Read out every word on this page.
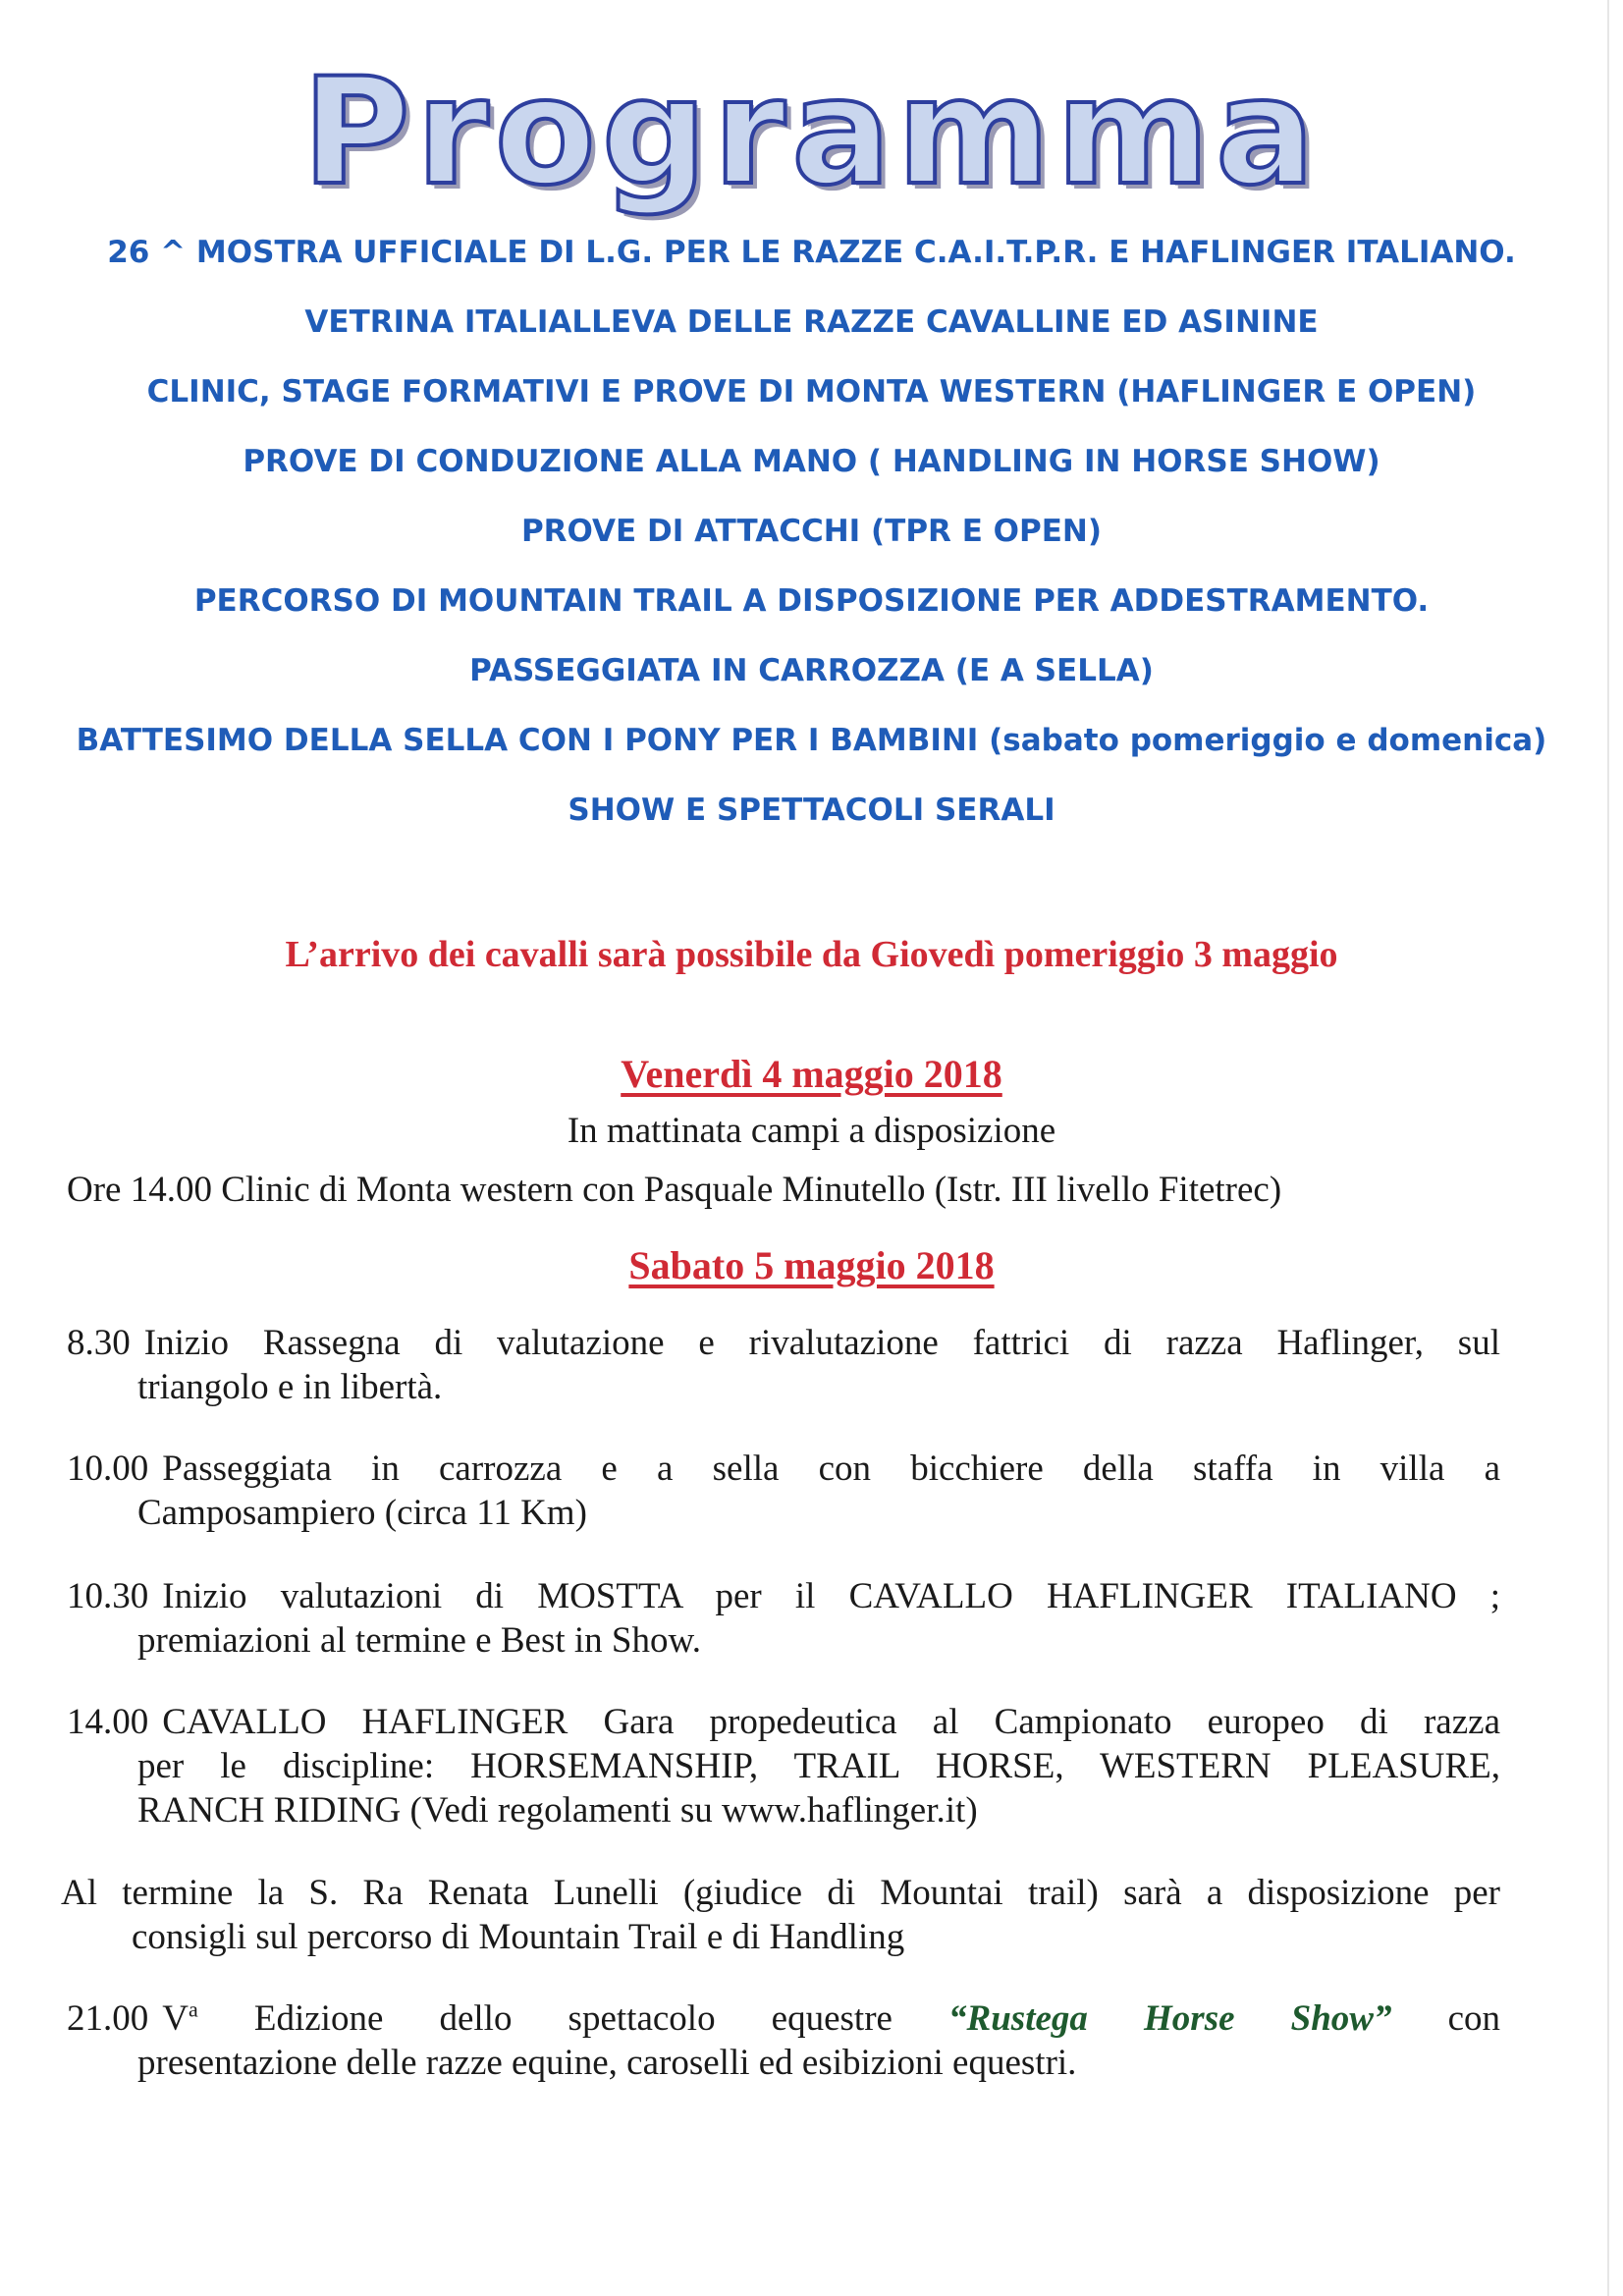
Programma
26 ^ MOSTRA UFFICIALE DI L.G. PER LE RAZZE C.A.I.T.P.R. E HAFLINGER ITALIANO.
VETRINA ITALIALLEVA DELLE RAZZE CAVALLINE ED ASININE
CLINIC, STAGE FORMATIVI E PROVE DI MONTA WESTERN (HAFLINGER E OPEN)
PROVE DI CONDUZIONE ALLA MANO ( HANDLING IN HORSE SHOW)
PROVE DI ATTACCHI (TPR E OPEN)
PERCORSO DI MOUNTAIN TRAIL A DISPOSIZIONE PER ADDESTRAMENTO.
PASSEGGIATA IN CARROZZA (E A SELLA)
BATTESIMO DELLA SELLA CON I PONY PER I BAMBINI (sabato pomeriggio e domenica)
SHOW E SPETTACOLI SERALI
L’arrivo dei cavalli sarà possibile da Giovedì pomeriggio 3 maggio
Venerdì 4 maggio 2018
In mattinata campi a disposizione
Ore 14.00 Clinic di Monta western con Pasquale Minutello (Istr. III livello Fitetrec)
Sabato 5 maggio 2018
8.30 Inizio Rassegna di valutazione e rivalutazione fattrici di razza Haflinger, sul
triangolo e in libertà.
10.00 Passeggiata in carrozza e a sella con bicchiere della staffa in villa a
Camposampiero (circa 11 Km)
10.30 Inizio valutazioni di MOSTTA per il CAVALLO HAFLINGER ITALIANO ;
premiazioni al termine e Best in Show.
14.00 CAVALLO HAFLINGER Gara propedeutica al Campionato europeo di razza
per le discipline: HORSEMANSHIP, TRAIL HORSE, WESTERN PLEASURE,
RANCH RIDING (Vedi regolamenti su www.haflinger.it)
Al termine la S. Ra Renata Lunelli (giudice di Mountai trail) sarà a disposizione per
consigli sul percorso di Mountain Trail e di Handling
21.00 $V^a$ Edizione dello spettacolo equestre “Rustega Horse Show” con
presentazione delle razze equine, caroselli ed esibizioni equestri.
